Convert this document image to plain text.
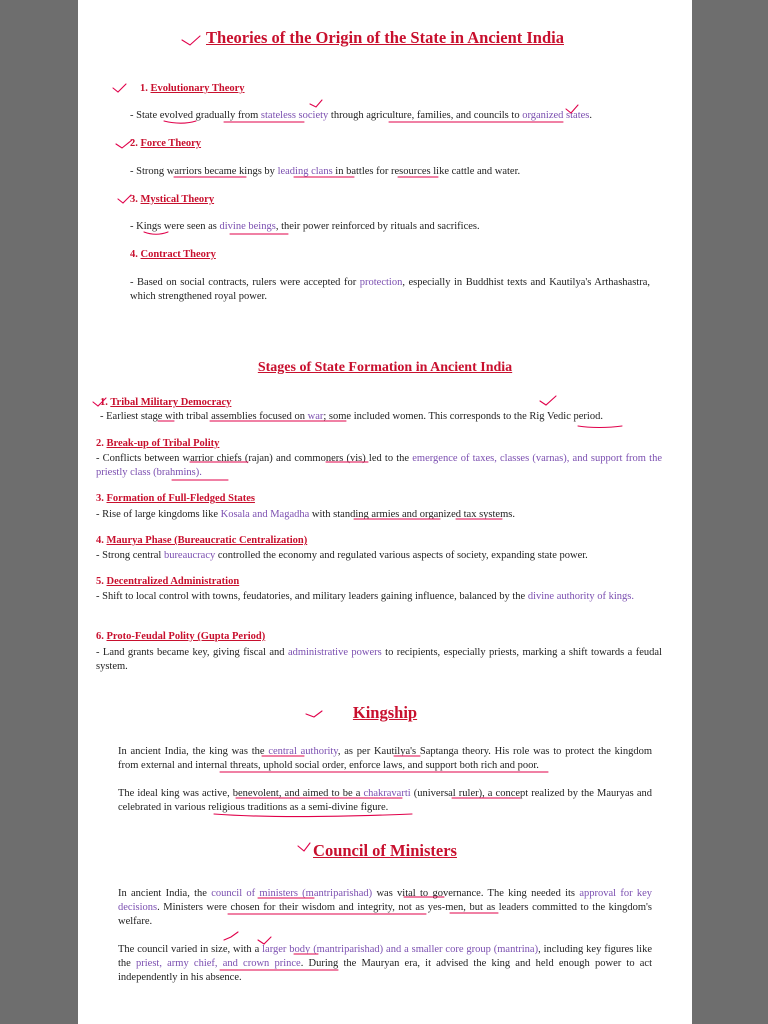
Theories of the Origin of the State in Ancient India
1. Evolutionary Theory
- State evolved gradually from stateless society through agriculture, families, and councils to organized states.
2. Force Theory
- Strong warriors became kings by leading clans in battles for resources like cattle and water.
3. Mystical Theory
- Kings were seen as divine beings, their power reinforced by rituals and sacrifices.
4. Contract Theory
- Based on social contracts, rulers were accepted for protection, especially in Buddhist texts and Kautilya's Arthashastra, which strengthened royal power.
Stages of State Formation in Ancient India
1. Tribal Military Democracy
- Earliest stage with tribal assemblies focused on war; some included women. This corresponds to the Rig Vedic period.
2. Break-up of Tribal Polity
- Conflicts between warrior chiefs (rajan) and commoners (vis) led to the emergence of taxes, classes (varnas), and support from the priestly class (brahmins).
3. Formation of Full-Fledged States
- Rise of large kingdoms like Kosala and Magadha with standing armies and organized tax systems.
4. Maurya Phase (Bureaucratic Centralization)
- Strong central bureaucracy controlled the economy and regulated various aspects of society, expanding state power.
5. Decentralized Administration
- Shift to local control with towns, feudatories, and military leaders gaining influence, balanced by the divine authority of kings.
6. Proto-Feudal Polity (Gupta Period)
- Land grants became key, giving fiscal and administrative powers to recipients, especially priests, marking a shift towards a feudal system.
Kingship
In ancient India, the king was the central authority, as per Kautilya's Saptanga theory. His role was to protect the kingdom from external and internal threats, uphold social order, enforce laws, and support both rich and poor.
The ideal king was active, benevolent, and aimed to be a chakravarti (universal ruler), a concept realized by the Mauryas and celebrated in various religious traditions as a semi-divine figure.
Council of Ministers
In ancient India, the council of ministers (mantriparishad) was vital to governance. The king needed its approval for key decisions. Ministers were chosen for their wisdom and integrity, not as yes-men, but as leaders committed to the kingdom's welfare.
The council varied in size, with a larger body (mantriparishad) and a smaller core group (mantrina), including key figures like the priest, army chief, and crown prince. During the Mauryan era, it advised the king and held enough power to act independently in his absence.
